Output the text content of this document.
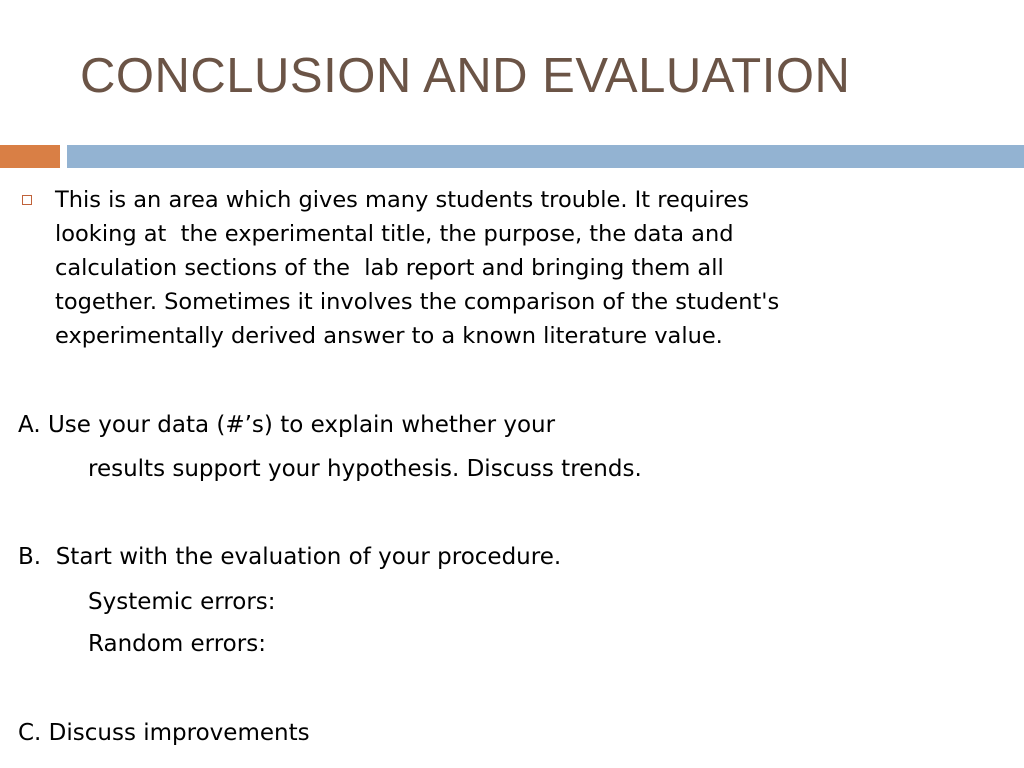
CONCLUSION AND EVALUATION
This is an area which gives many students trouble. It requires
looking at  the experimental title, the purpose, the data and
calculation sections of the  lab report and bringing them all
together. Sometimes it involves the comparison of the student's
experimentally derived answer to a known literature value.
A. Use your data (#’s) to explain whether your
results support your hypothesis. Discuss trends.
B.  Start with the evaluation of your procedure.
Systemic errors:
Random errors:
C. Discuss improvements
